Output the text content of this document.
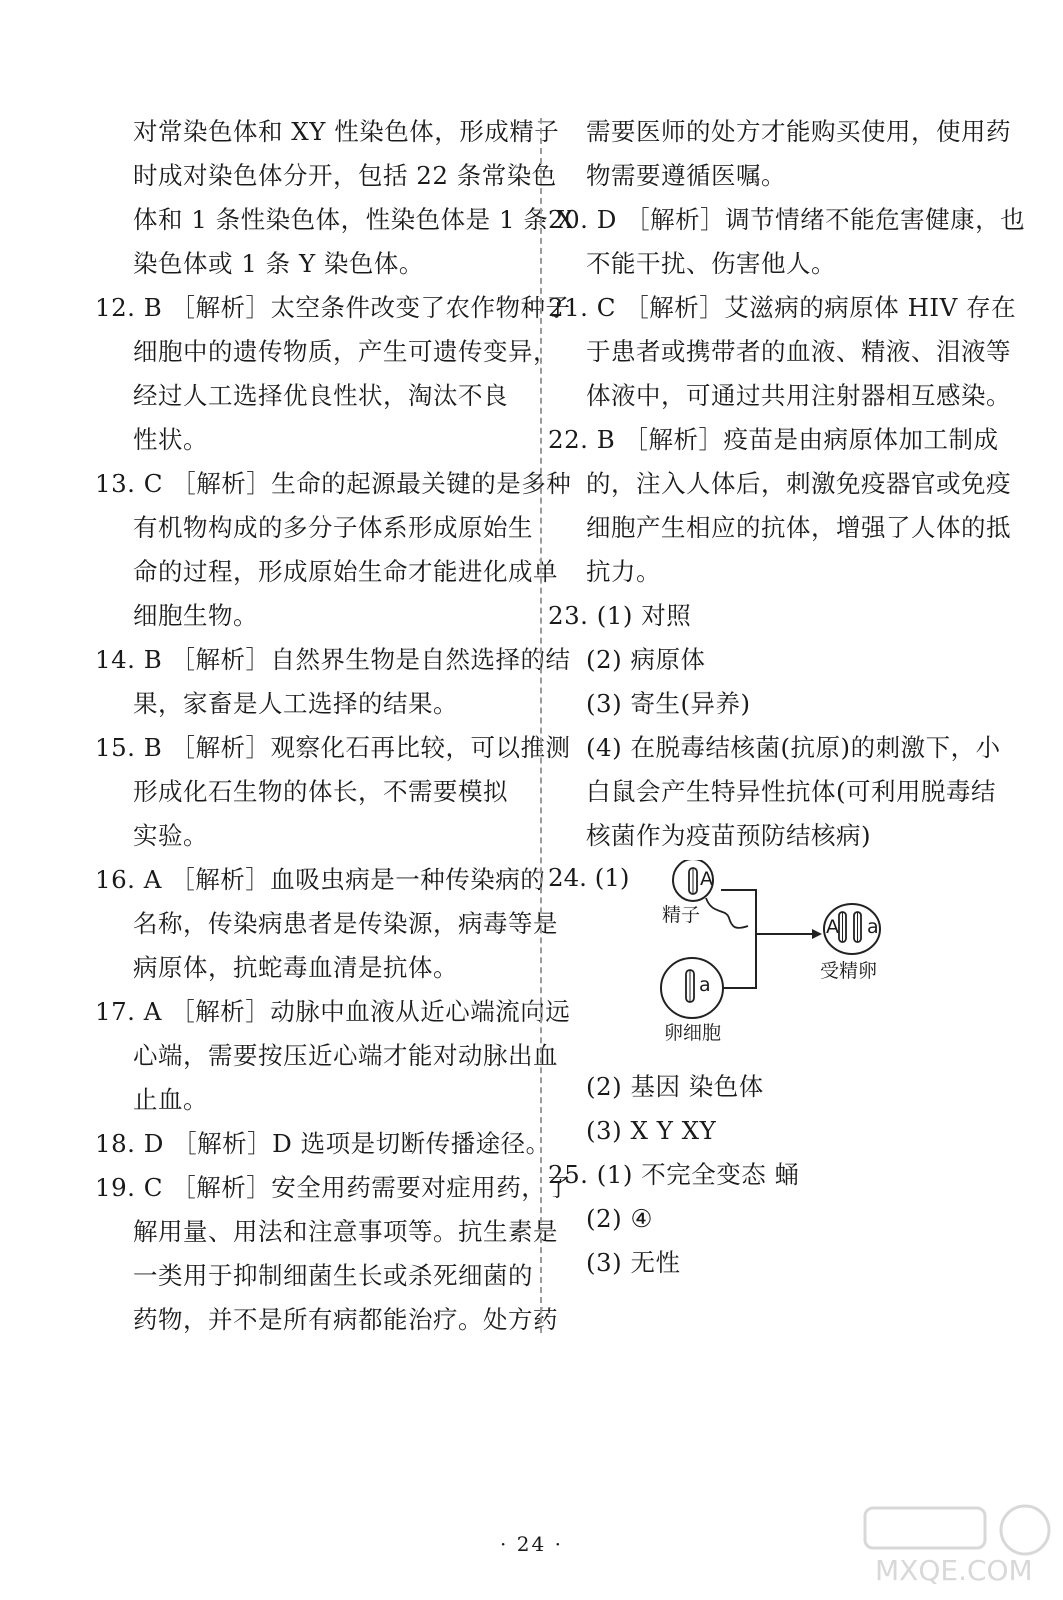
对常染色体和 XY 性染色体，形成精子
时成对染色体分开，包括 22 条常染色
体和 1 条性染色体，性染色体是 1 条 X
染色体或 1 条 Y 染色体。
12. B ［解析］太空条件改变了农作物种子
细胞中的遗传物质，产生可遗传变异，
经过人工选择优良性状，淘汰不良
性状。
13. C ［解析］生命的起源最关键的是多种
有机物构成的多分子体系形成原始生
命的过程，形成原始生命才能进化成单
细胞生物。
14. B ［解析］自然界生物是自然选择的结
果，家畜是人工选择的结果。
15. B ［解析］观察化石再比较，可以推测
形成化石生物的体长，不需要模拟
实验。
16. A ［解析］血吸虫病是一种传染病的
名称，传染病患者是传染源，病毒等是
病原体，抗蛇毒血清是抗体。
17. A ［解析］动脉中血液从近心端流向远
心端，需要按压近心端才能对动脉出血
止血。
18. D ［解析］D 选项是切断传播途径。
19. C ［解析］安全用药需要对症用药，了
解用量、用法和注意事项等。抗生素是
一类用于抑制细菌生长或杀死细菌的
药物，并不是所有病都能治疗。处方药
需要医师的处方才能购买使用，使用药
物需要遵循医嘱。
20. D ［解析］调节情绪不能危害健康，也
不能干扰、伤害他人。
21. C ［解析］艾滋病的病原体 HIV 存在
于患者或携带者的血液、精液、泪液等
体液中，可通过共用注射器相互感染。
22. B ［解析］疫苗是由病原体加工制成
的，注入人体后，刺激免疫器官或免疫
细胞产生相应的抗体，增强了人体的抵
抗力。
23. (1) 对照
(2) 病原体
(3) 寄生(异养)
(4) 在脱毒结核菌(抗原)的刺激下，小
白鼠会产生特异性抗体(可利用脱毒结
核菌作为疫苗预防结核病)
24. (1)	A
精子
a
卵细胞
A a
受精卵
(2) 基因 染色体
(3) X Y XY
25. (1) 不完全变态 蛹
(2) ④
(3) 无性
· 24 ·
MXQE.COM
